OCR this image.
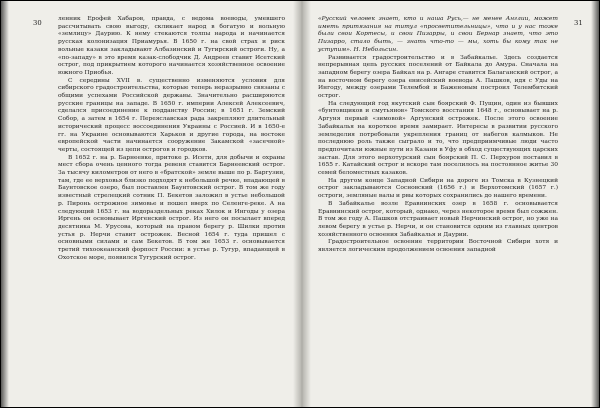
30	31

ленник Ерофей Хабаров, правда, с ведома воеводы, умевшего рассчитывать свою выгоду, скликает народ в богатую и вольную «землицу» Даурию. К нему стекаются толпы народа и начинается русская колонизация Приамурья. В 1650 г. на свой страх и риск вольные казаки закладывают Албазинский и Тугирский остроги. Ну, а «по-западу» в это время казак-слободчик Д. Андреев ставит Исетский острог, под прикрытием которого начинается хозяйственное освоение южного Приобья.

С середины XVII в. существенно изменяются условия для сибирского градостроительства, которые теперь неразрывно связаны с общими успехами Российской державы. Значительно расширяются русские границы на западе. В 1650 г. империи Алексей Алексеевич, сделался присоединение к подданству России; в 1651 г. Земский Собор, а затем в 1654 г. Переяславская рада закрепляют длительный исторический процесс воссоединения Украины с Россией. И в 1650-е гг. на Украине основываются Харьков и другие города, на востоке европейской части начинается сооружение Закамской «засечной» черты, состоящей из цепи острогов и городков.

В 1652 г. на р. Барнеевке, притоке р. Исети, для добычи и охраны мест сбора очень ценного тогда ревеня ставится Барнеевский острог. За тысячу километров от него в «братской» земле выше по р. Баргузин, там, где ее верховья близко подходят к небольшой речке, впадающей в Баунтовское озеро, был поставлен Баунтовский острог. В том же году известный стрелецкий сотник П. Бекетов заложил в устье небольшой р. Пиронь острожное зимовье и пошел вверх по Селенге-реке. А на следующий 1653 г. на водораздельных реках Хилок и Ингоды у озера Иргень он основывает Иргенский острог. Из него он посылает вперед десятника М. Урусова, который на правом берегу р. Шилки против устья р. Нерчи ставит острожек. Весной 1654 г. туда пришел с основными силами и сам Бекетов. В том же 1653 г. основывается третий тихоокеанский форпост России: в устье р. Тугур, впадающей в Охотское море, появился Тугурский острог.

«Русский человек знает, кто и наша Русь,— не менее Англии, может иметь притязания на титул «просветительницы», что и у нас тоже были свои Кортесы, и свои Пизарры, и свои Бернар знает, что это Пизарро, стало быть, — знать что-то — мы, хоть бы кому так не уступим». Н. Небольсин.

Развивается градостроительство и в Забайкалье. Здесь создается непрерывная цепь русских поселений от Байкала до Амура. Сначала на западном берегу озера Байкал на р. Ангаре ставится Балаганский острог, а на восточном берегу озера енисейский воевода А. Пашков, идя с Уды на Ингоду, между озерами Телембой и Баженовым построил Телембитский острог.

На следующий год якутский сын боярский Ф. Пущин, один из бывших «бунтовщиков и смутьянов» Томского восстания 1648 г., основывает на р. Аргуня первый «зимовой» Аргунский острожек. После этого освоение Забайкалья на короткое время замирает. Интересы в развитии русского земледелия потребовали укрепления границ от набегов калмыков. Не последнюю роль также сыграло и то, что предприимчивые люди часто предпочитали южные пути из Казани в Уфу в обход существующих царских застав. Для этого верхотурский сын боярский П. С. Перхуров поставил в 1655 г. Катайский острог и вскоре там поселилось на постоянное житье 30 семей беломестных казаков.

На другом конце Западной Сибири на дороге из Томска в Кузнецкий острог закладываются Сосновский (1656 г.) и Верхотомский (1657 г.) остроги, земляные валы и рвы которых сохранились до нашего времени.

В Забайкалье возле Еравнинских озер в 1658 г. основывается Еравнинский острог, который, однако, через некоторое время был сожжен. В том же году А. Пашков отстраивает новый Нерчинский острог, но уже на левом берегу в устье р. Нерчи, и он становится одним из главных центров хозяйственного освоения Забайкалья и Даурии.

Градостроительное освоение территории Восточной Сибири хотя и является логическим продолжением освоения западной
